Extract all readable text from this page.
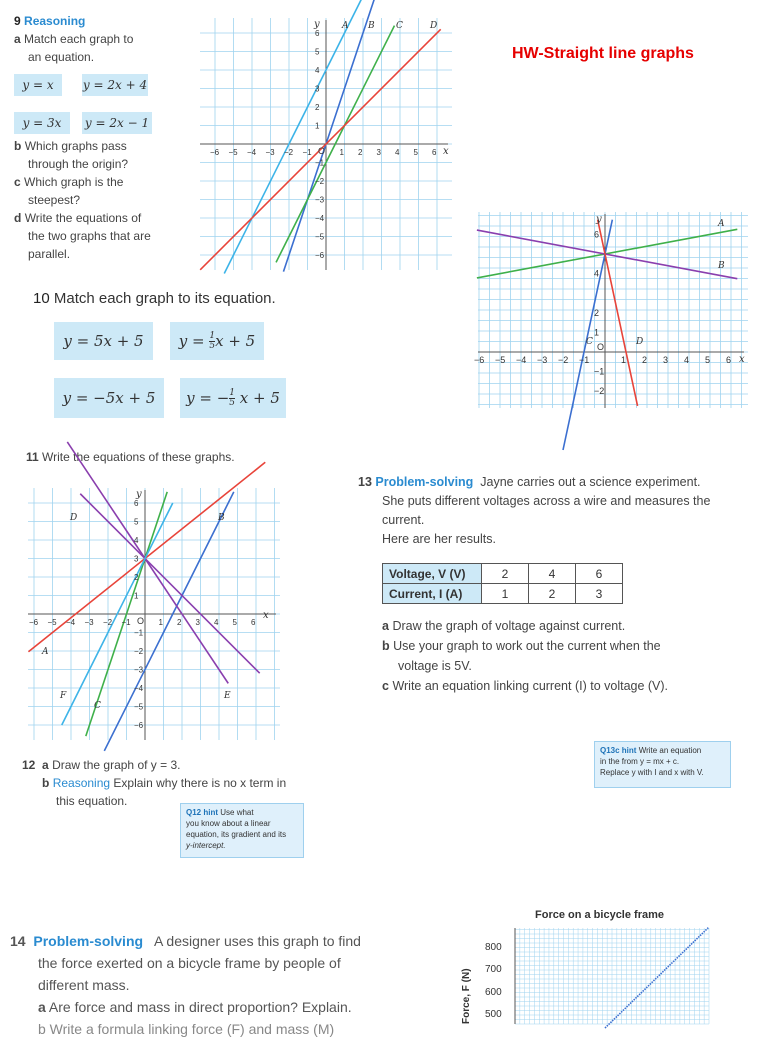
HW-Straight line graphs
9 Reasoning
a Match each graph to
an equation.
y = x	y = 2x + 4
y = 3x	y = 2x − 1
b Which graphs pass
through the origin?
c Which graph is the
steepest?
d Write the equations of
the two graphs that are
parallel.
y
x
O
−6 −5 −4 −3 −2 −1	1 2 3 4 5 6
6
5
4
3
2
1
−1
−2
−3
−4
−5
−6
A B C	D
10 Match each graph to its equation.
y = 5x + 5	y =
$\frac{1}{5}$ x + 5
y = −5x + 5	y = − $\frac{1}{5}$
x + 5
y
x
O
−6 −5 −4 −3 −2 −1	1 2 3 4 5 6
6
4
2
1
−1
−2
A
B
C	D
11 Write the equations of these graphs.
y
x
O
−6 −5 −4 −3 −2 −1	1 2 3 4 5 6
6
5
4
3
2
1
−1
−2
−3
−4
−5
−6
A
B
C
D
E
F
12 a Draw the graph of y = 3.
b Reasoning Explain why there is no x term in
this equation.
Q12 hint Use what
you know about a linear
equation, its gradient and its
y-intercept.
13 Problem-solving Jayne carries out a science experiment.
She puts different voltages across a wire and measures the
current.
Here are her results.
Voltage, V (V)	2	4	6
Current, I (A)	1	2	3
a Draw the graph of voltage against current.
b Use your graph to work out the current when the
voltage is 5V.
c Write an equation linking current (I) to voltage (V).
Q13c hint Write an equation
in the from y = mx + c.
Replace y with I and x with V.
14 Problem-solving A designer uses this graph to find
the force exerted on a bicycle frame by people of
different mass.
a Are force and mass in direct proportion? Explain.
b Write a formula linking force (F) and mass (M)
Force on a bicycle frame
Force, F (N)
800
700
600
500
